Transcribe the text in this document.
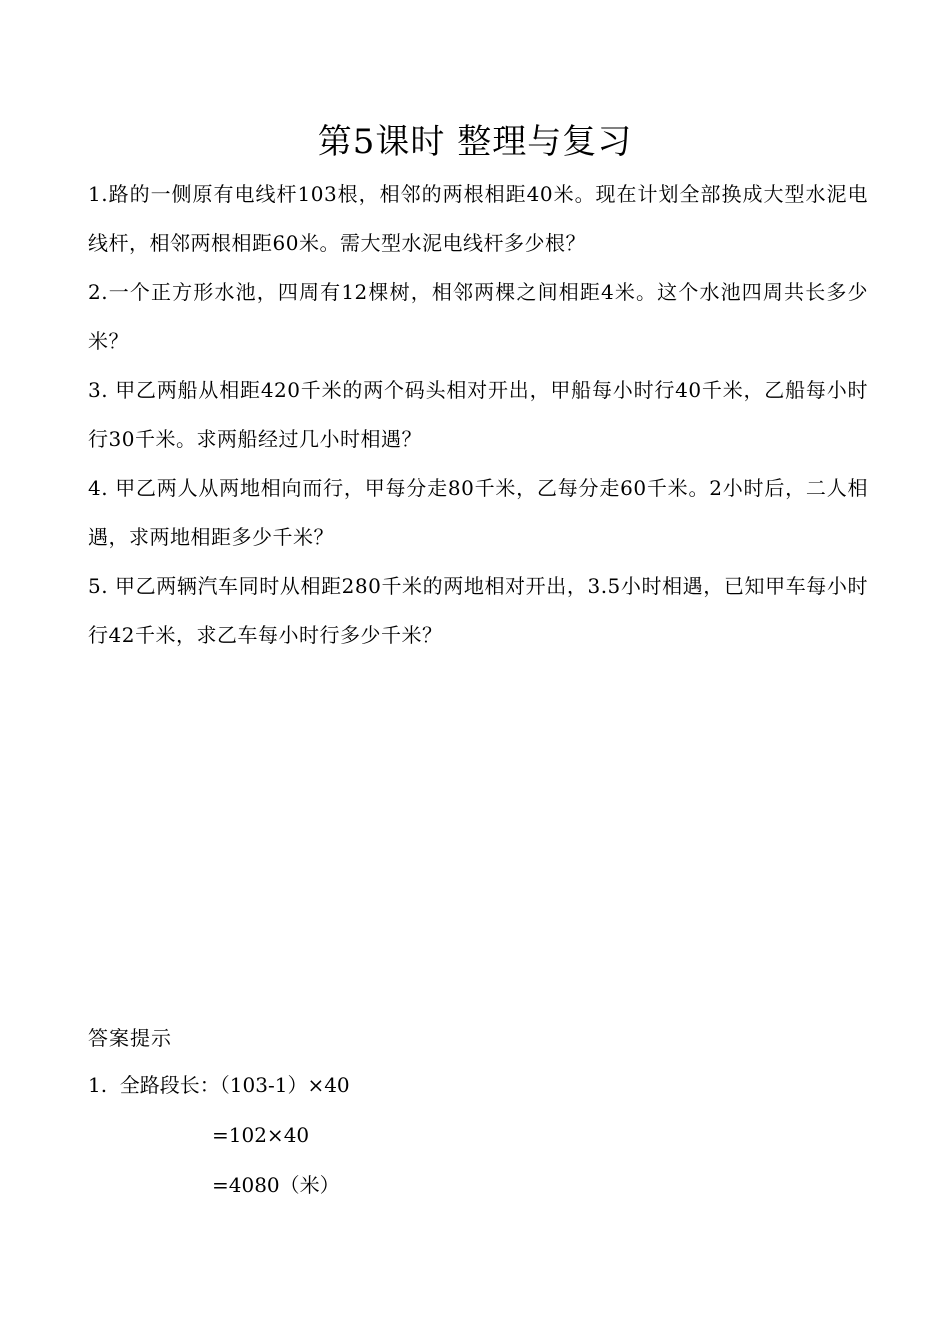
第5课时 整理与复习
1.路的一侧原有电线杆103根，相邻的两根相距40米。现在计划全部换成大型水泥电线杆，相邻两根相距60米。需大型水泥电线杆多少根？
2.一个正方形水池，四周有12棵树，相邻两棵之间相距4米。这个水池四周共长多少米？
3. 甲乙两船从相距420千米的两个码头相对开出，甲船每小时行40千米，乙船每小时行30千米。求两船经过几小时相遇？
4. 甲乙两人从两地相向而行，甲每分走80千米，乙每分走60千米。2小时后，二人相遇，求两地相距多少千米？
5. 甲乙两辆汽车同时从相距280千米的两地相对开出，3.5小时相遇，已知甲车每小时行42千米，求乙车每小时行多少千米？
答案提示
1.  全路段长：（103-1）×40
=102×40
=4080（米）
